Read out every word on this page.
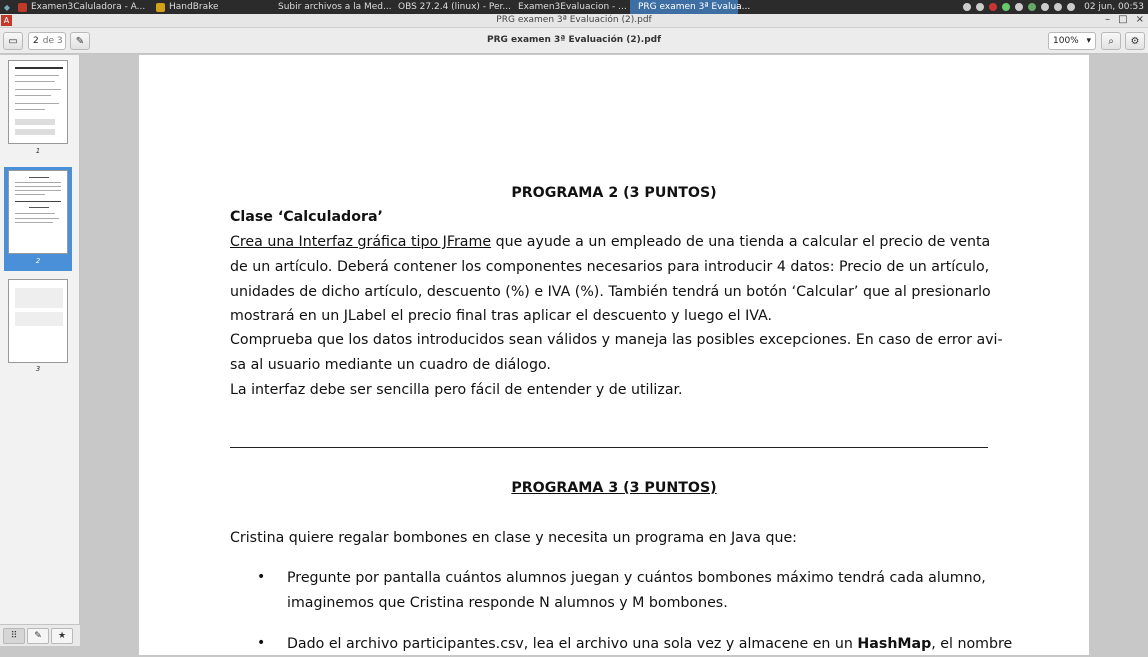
◆	Examen3Caluladora - A...	HandBrake	Subir archivos a la Med... OBS 27.2.4 (linux) - Per... Examen3Evaluacion - ... PRG examen 3ª Evalua...	02 jun, 00:53
A	PRG examen 3ª Evaluación (2).pdf	– □ ×
▭ 2 de 3 ✎	PRG examen 3ª Evaluación (2).pdf	100% ▾ ⌕ ⚙
1
2
3
⠿ ✎ ★
PROGRAMA 2 (3 PUNTOS)
Clase ‘Calculadora’
Crea una Interfaz gráfica tipo JFrame que ayude a un empleado de una tienda a calcular el precio de venta
de un artículo. Deberá contener los componentes necesarios para introducir 4 datos: Precio de un artículo,
unidades de dicho artículo, descuento (%) e IVA (%). También tendrá un botón ‘Calcular’ que al presionarlo
mostrará en un JLabel el precio final tras aplicar el descuento y luego el IVA.
Comprueba que los datos introducidos sean válidos y maneja las posibles excepciones. En caso de error avi-
sa al usuario mediante un cuadro de diálogo.
La interfaz debe ser sencilla pero fácil de entender y de utilizar.
PROGRAMA 3 (3 PUNTOS)
Cristina quiere regalar bombones en clase y necesita un programa en Java que:
• Pregunte por pantalla cuántos alumnos juegan y cuántos bombones máximo tendrá cada alumno,
imaginemos que Cristina responde N alumnos y M bombones.
• Dado el archivo participantes.csv, lea el archivo una sola vez y almacene en un HashMap, el nombre
